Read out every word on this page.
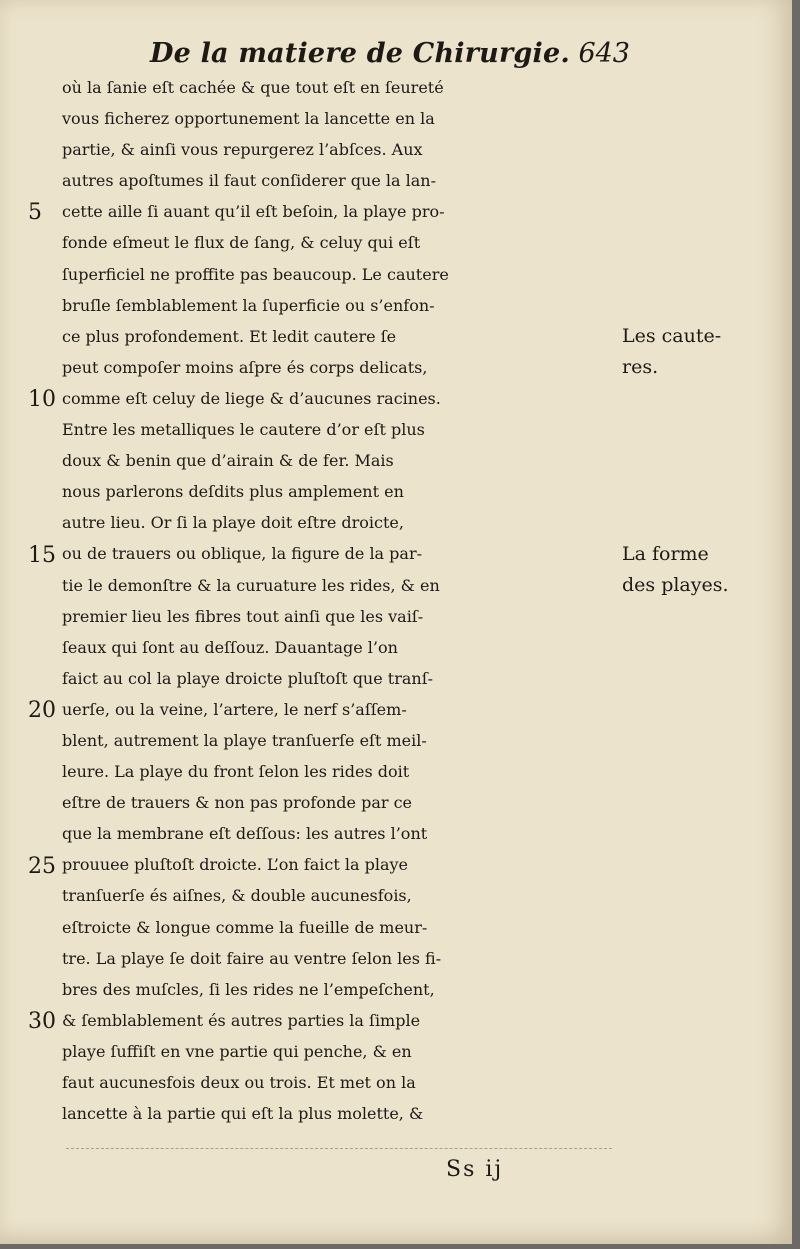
De la matiere de Chirurgie. 643
où la ſanie eſt cachée & que tout eſt en ſeureté
vous ficherez opportunement la lancette en la
partie, & ainſi vous repurgerez l’abſces. Aux
autres apoſtumes il faut conſiderer que la lan-
cette aille ſi auant qu’il eſt beſoin, la playe pro-
fonde eſmeut le flux de ſang, & celuy qui eſt
ſuperficiel ne proffite pas beaucoup. Le cautere
bruſle ſemblablement la ſuperficie ou s’enfon-
ce plus profondement. Et ledit cautere ſe
peut compoſer moins aſpre és corps delicats,
comme eſt celuy de liege & d’aucunes racines.
Entre les metalliques le cautere d’or eſt plus
doux & benin que d’airain & de fer. Mais
nous parlerons deſdits plus amplement en
autre lieu. Or ſi la playe doit eſtre droicte,
ou de trauers ou oblique, la figure de la par-
tie le demonſtre & la curuature les rides, & en
premier lieu les fibres tout ainſi que les vaiſ-
ſeaux qui ſont au deſſouz. Dauantage l’on
faict au col la playe droicte pluſtoſt que tranſ-
uerſe, ou la veine, l’artere, le nerf s’aſſem-
blent, autrement la playe tranſuerſe eſt meil-
leure. La playe du front ſelon les rides doit
eſtre de trauers & non pas profonde par ce
que la membrane eſt deſſous: les autres l’ont
prouuee pluſtoſt droicte. L’on faict la playe
tranſuerſe és aiſnes, & double aucunesfois,
eſtroicte & longue comme la fueille de meur-
tre. La playe ſe doit faire au ventre ſelon les fi-
bres des muſcles, ſi les rides ne l’empeſchent,
& ſemblablement és autres parties la ſimple
playe ſuffiſt en vne partie qui penche, & en
faut aucunesfois deux ou trois. Et met on la
lancette à la partie qui eſt la plus molette, &
5
10
15
20
25
30
Les caute-
res.
La forme
des playes.
Ss ij
